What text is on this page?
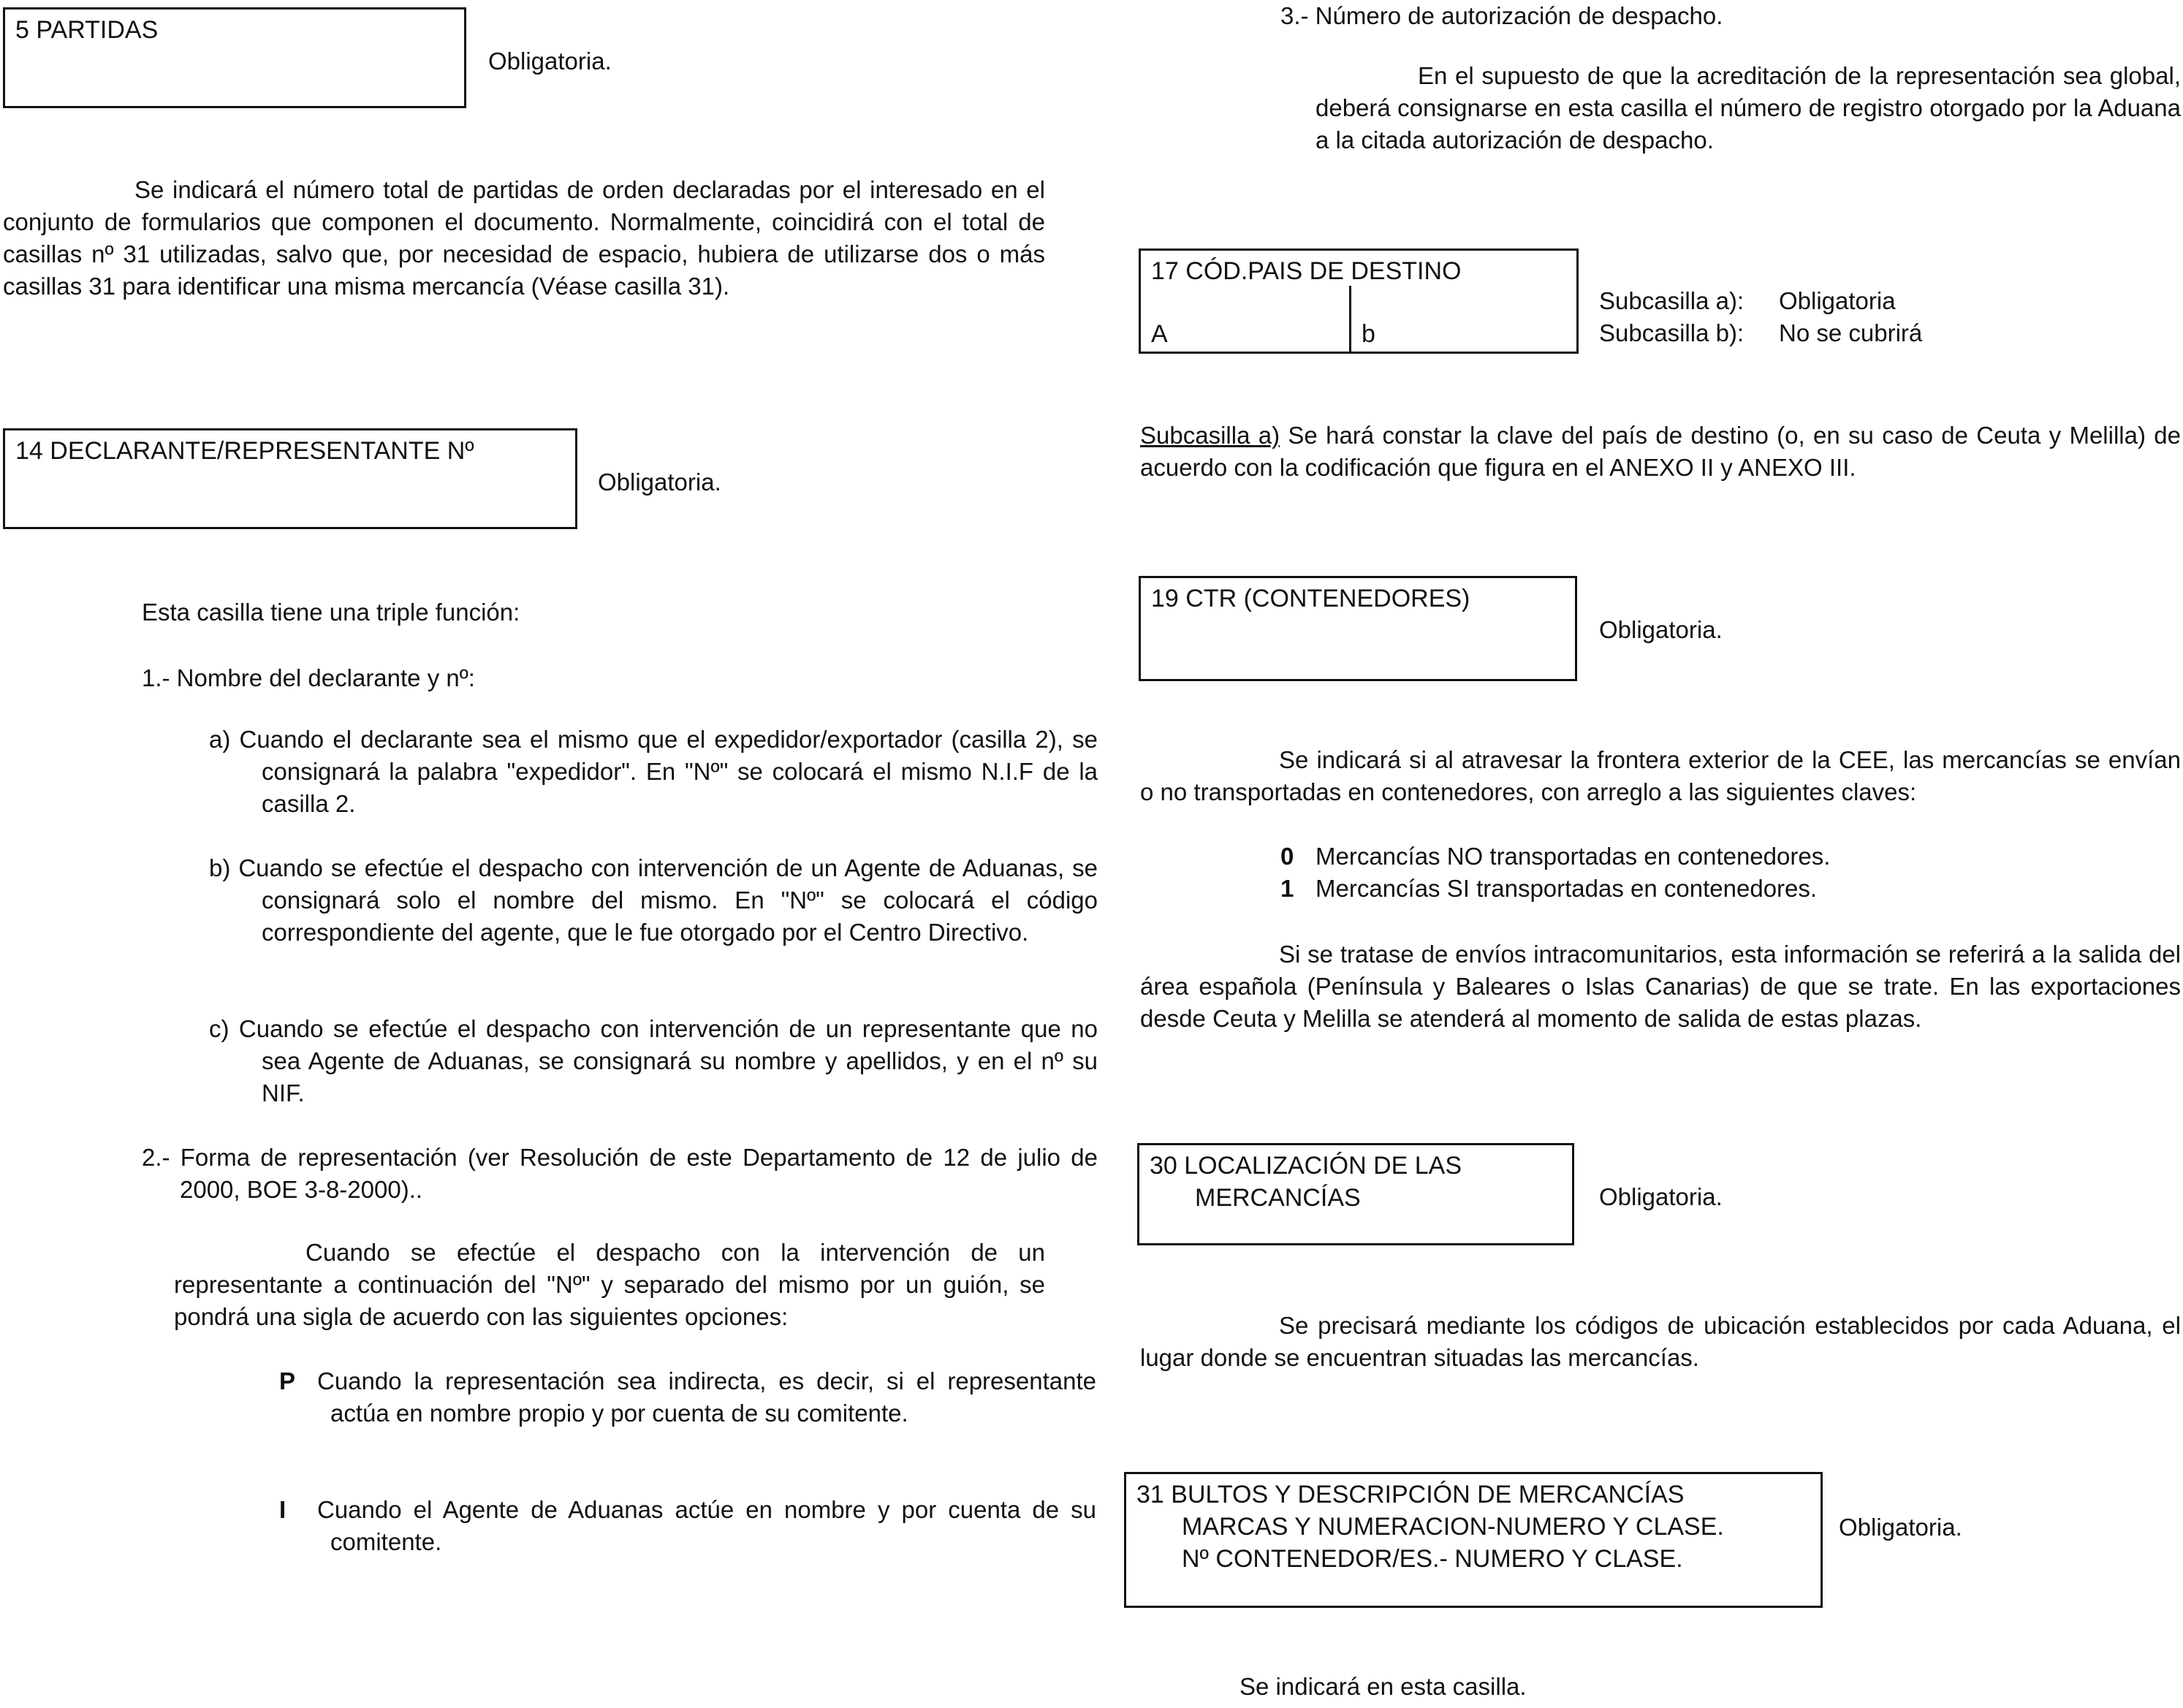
5 PARTIDAS
Obligatoria.
Se indicará el número total de partidas de orden declaradas por el interesado en el conjunto de formularios que componen el documento. Normalmente, coincidirá con el total de casillas nº 31 utilizadas, salvo que, por necesidad de espacio, hubiera de utilizarse dos o más casillas 31 para identificar una misma mercancía (Véase casilla 31).
14 DECLARANTE/REPRESENTANTE Nº
Obligatoria.
Esta casilla tiene una triple función:
1.- Nombre del declarante y nº:
a) Cuando el declarante sea el mismo que el expedidor/exportador (casilla 2), se consignará la palabra "expedidor". En "Nº" se colocará el mismo N.I.F de la casilla 2.
b) Cuando se efectúe el despacho con intervención de un Agente de Aduanas, se consignará solo el nombre del mismo. En "Nº" se colocará el código correspondiente del agente, que le fue otorgado por el Centro Directivo.
c) Cuando se efectúe el despacho con intervención de un representante que no sea Agente de Aduanas, se consignará su nombre y apellidos, y en el nº su NIF.
2.- Forma de representación (ver Resolución de este Departamento de 12 de julio de 2000, BOE 3-8-2000)..
Cuando se efectúe el despacho con la intervención de un representante a continuación del "Nº" y separado del mismo por un guión, se pondrá una sigla de acuerdo con las siguientes opciones:
P Cuando la representación sea indirecta, es decir, si el representante actúa en nombre propio y por cuenta de su comitente.
I Cuando el Agente de Aduanas actúe en nombre y por cuenta de su comitente.
3.- Número de autorización de despacho.
En el supuesto de que la acreditación de la representación sea global, deberá consignarse en esta casilla el número de registro otorgado por la Aduana a la citada autorización de despacho.
17 CÓD.PAIS DE DESTINO
A	b
Subcasilla a): Obligatoria
Subcasilla b): No se cubrirá
Subcasilla a) Se hará constar la clave del país de destino (o, en su caso de Ceuta y Melilla) de acuerdo con la codificación que figura en el ANEXO II y ANEXO III.
19 CTR (CONTENEDORES)
Obligatoria.
Se indicará si al atravesar la frontera exterior de la CEE, las mercancías se envían o no transportadas en contenedores, con arreglo a las siguientes claves:
0 Mercancías NO transportadas en contenedores.
1 Mercancías SI transportadas en contenedores.
Si se tratase de envíos intracomunitarios, esta información se referirá a la salida del área española (Península y Baleares o Islas Canarias) de que se trate. En las exportaciones desde Ceuta y Melilla se atenderá al momento de salida de estas plazas.
30 LOCALIZACIÓN DE LAS
MERCANCÍAS	Obligatoria.
Se precisará mediante los códigos de ubicación establecidos por cada Aduana, el lugar donde se encuentran situadas las mercancías.
31 BULTOS Y DESCRIPCIÓN DE MERCANCÍAS
MARCAS Y NUMERACION-NUMERO Y CLASE.
Nº CONTENEDOR/ES.- NUMERO Y CLASE.
Obligatoria.
Se indicará en esta casilla.
